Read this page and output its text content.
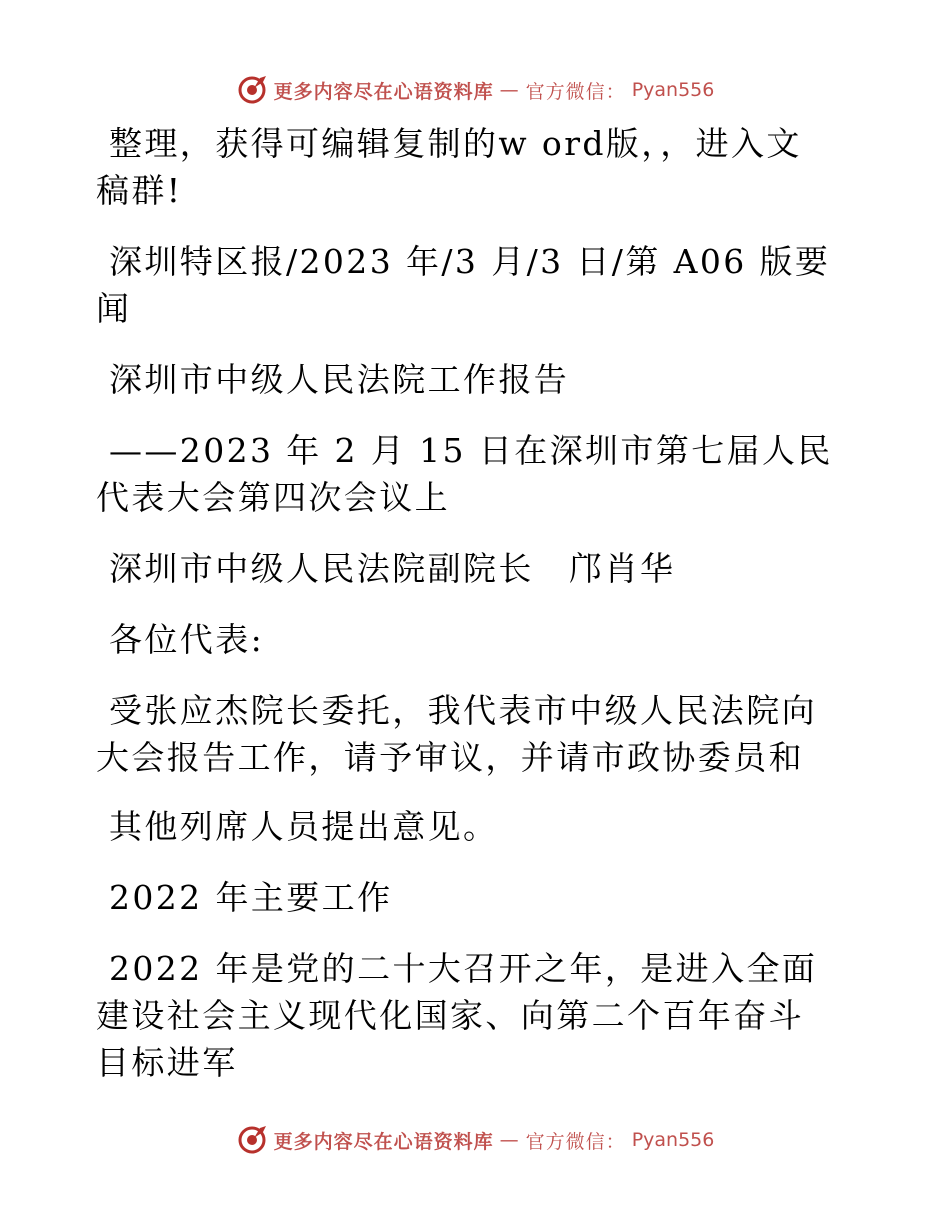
更多内容尽在心语资料库 — 官方微信： Pyan556

整理，获得可编辑复制的w ord版，，进入文稿群!

深圳特区报/2023 年/3 月/3 日/第 A06 版要闻

深圳市中级人民法院工作报告

——2023 年 2 月 15 日在深圳市第七届人民代表大会第四次会议上

深圳市中级人民法院副院长　邝肖华

各位代表:

受张应杰院长委托，我代表市中级人民法院向大会报告工作，请予审议，并请市政协委员和

其他列席人员提出意见。

2022 年主要工作

2022 年是党的二十大召开之年，是进入全面建设社会主义现代化国家、向第二个百年奋斗目标进军

更多内容尽在心语资料库 — 官方微信： Pyan556
